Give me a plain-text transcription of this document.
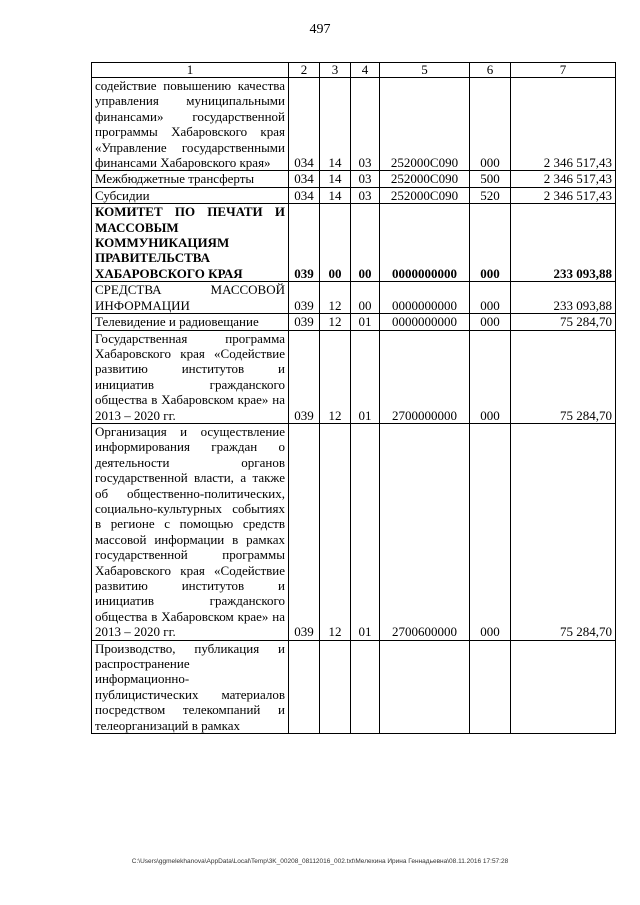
497
1	2	3	4	5	6	7
содействие повышению качества управления муниципальными финансами» государственной программы Хабаровского края «Управление государственными финансами Хабаровского края»	034	14	03	252000С090	000	2 346 517,43
Межбюджетные трансферты	034	14	03	252000С090	500	2 346 517,43
Субсидии	034	14	03	252000С090	520	2 346 517,43
КОМИТЕТ ПО ПЕЧАТИ И МАССОВЫМ КОММУНИКАЦИЯМ ПРАВИТЕЛЬСТВА ХАБАРОВСКОГО КРАЯ	039	00	00	0000000000	000	233 093,88
СРЕДСТВА МАССОВОЙ ИНФОРМАЦИИ	039	12	00	0000000000	000	233 093,88
Телевидение и радиовещание	039	12	01	0000000000	000	75 284,70
Государственная программа Хабаровского края «Содействие развитию институтов и инициатив гражданского общества в Хабаровском крае» на 2013 – 2020 гг.	039	12	01	2700000000	000	75 284,70
Организация и осуществление информирования граждан о деятельности органов государственной власти, а также об общественно-политических, социально-культурных событиях в регионе с помощью средств массовой информации в рамках государственной программы Хабаровского края «Содействие развитию институтов и инициатив гражданского общества в Хабаровском крае» на 2013 – 2020 гг.	039	12	01	2700600000	000	75 284,70
Производство, публикация и распространение информационно-публицистических материалов посредством телекомпаний и телеорганизаций в рамках						
C:\Users\ggmelekhanova\AppData\Local\Temp\3K_00208_08112016_002.txt\Мелехина Ирина Геннадьевна\08.11.2016 17:57:28
